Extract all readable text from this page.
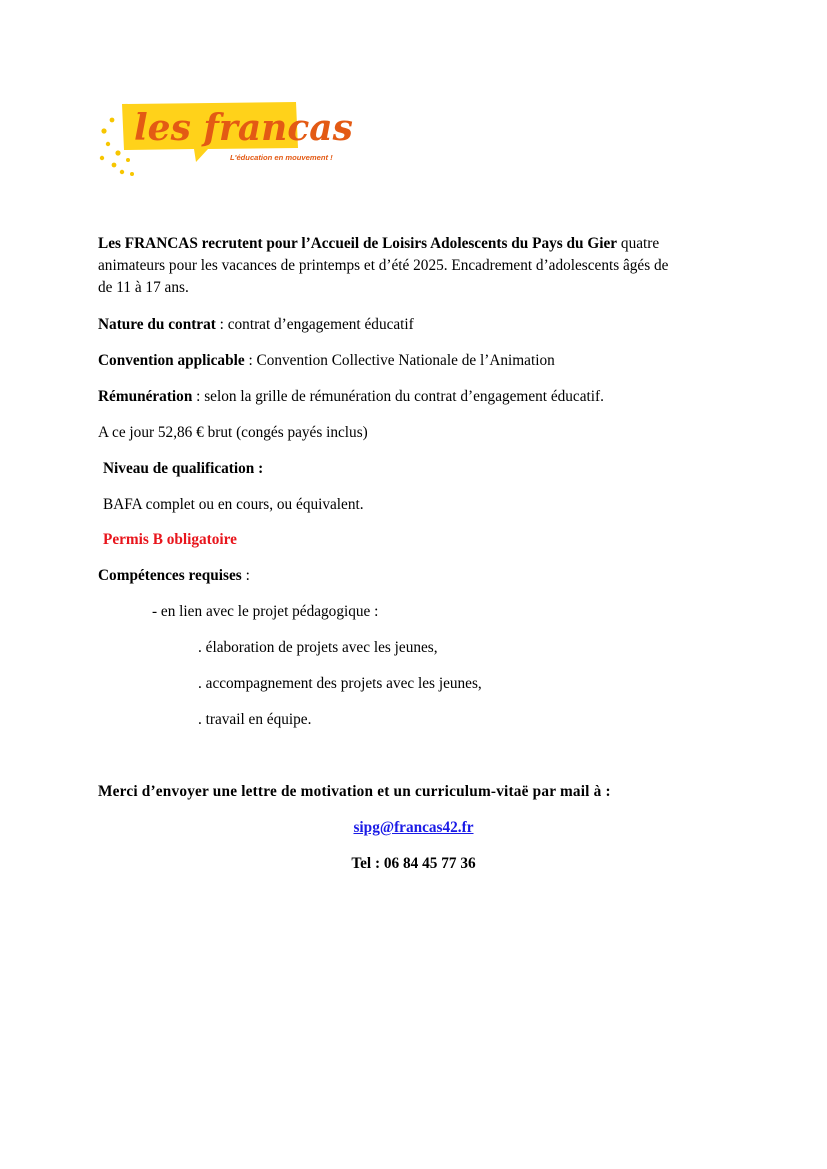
les francas
L'éducation en mouvement !
Les FRANCAS recrutent pour l’Accueil de Loisirs Adolescents du Pays du Gier quatre
animateurs pour les vacances de printemps et d’été 2025. Encadrement d’adolescents âgés de
de 11 à 17 ans.
Nature du contrat : contrat d’engagement éducatif
Convention applicable : Convention Collective Nationale de l’Animation
Rémunération : selon la grille de rémunération du contrat d’engagement éducatif.
A ce jour 52,86 € brut (congés payés inclus)
Niveau de qualification :
BAFA complet ou en cours, ou équivalent.
Permis B obligatoire
Compétences requises :
- en lien avec le projet pédagogique :
. élaboration de projets avec les jeunes,
. accompagnement des projets avec les jeunes,
. travail en équipe.
Merci d’envoyer une lettre de motivation et un curriculum-vitaë par mail à :
sipg@francas42.fr
Tel : 06 84 45 77 36
